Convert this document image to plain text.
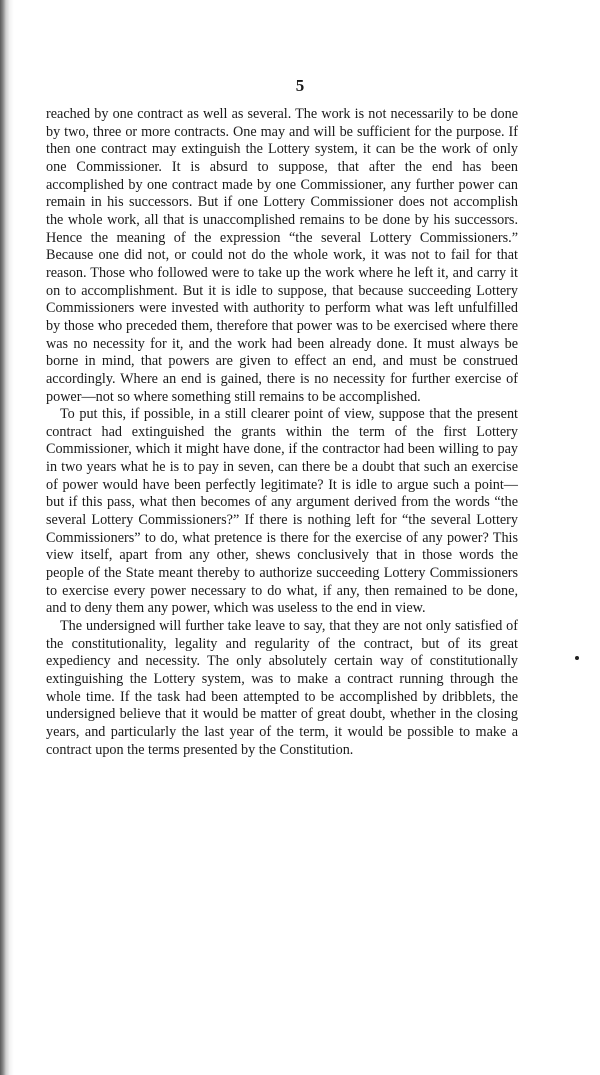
5

reached by one contract as well as several. The work is not necessarily to be done by two, three or more contracts. One may and will be sufficient for the purpose. If then one contract may extinguish the Lottery system, it can be the work of only one Commissioner. It is absurd to suppose, that after the end has been accomplished by one contract made by one Commissioner, any further power can remain in his successors. But if one Lottery Commissioner does not accomplish the whole work, all that is unaccomplished remains to be done by his successors. Hence the meaning of the expression “the several Lottery Commissioners.” Because one did not, or could not do the whole work, it was not to fail for that reason. Those who followed were to take up the work where he left it, and carry it on to accomplishment. But it is idle to suppose, that because succeeding Lottery Commissioners were invested with authority to perform what was left unfulfilled by those who preceded them, therefore that power was to be exercised where there was no necessity for it, and the work had been already done. It must always be borne in mind, that powers are given to effect an end, and must be construed accordingly. Where an end is gained, there is no necessity for further exercise of power—not so where something still remains to be accomplished.

To put this, if possible, in a still clearer point of view, suppose that the present contract had extinguished the grants within the term of the first Lottery Commissioner, which it might have done, if the contractor had been willing to pay in two years what he is to pay in seven, can there be a doubt that such an exercise of power would have been perfectly legitimate? It is idle to argue such a point—but if this pass, what then becomes of any argument derived from the words “the several Lottery Commissioners?” If there is nothing left for “the several Lottery Commissioners” to do, what pretence is there for the exercise of any power? This view itself, apart from any other, shews conclusively that in those words the people of the State meant thereby to authorize succeeding Lottery Commissioners to exercise every power necessary to do what, if any, then remained to be done, and to deny them any power, which was useless to the end in view.

The undersigned will further take leave to say, that they are not only satisfied of the constitutionality, legality and regularity of the contract, but of its great expediency and necessity. The only absolutely certain way of constitutionally extinguishing the Lottery system, was to make a contract running through the whole time. If the task had been attempted to be accomplished by dribblets, the undersigned believe that it would be matter of great doubt, whether in the closing years, and particularly the last year of the term, it would be possible to make a contract upon the terms presented by the Constitution.
